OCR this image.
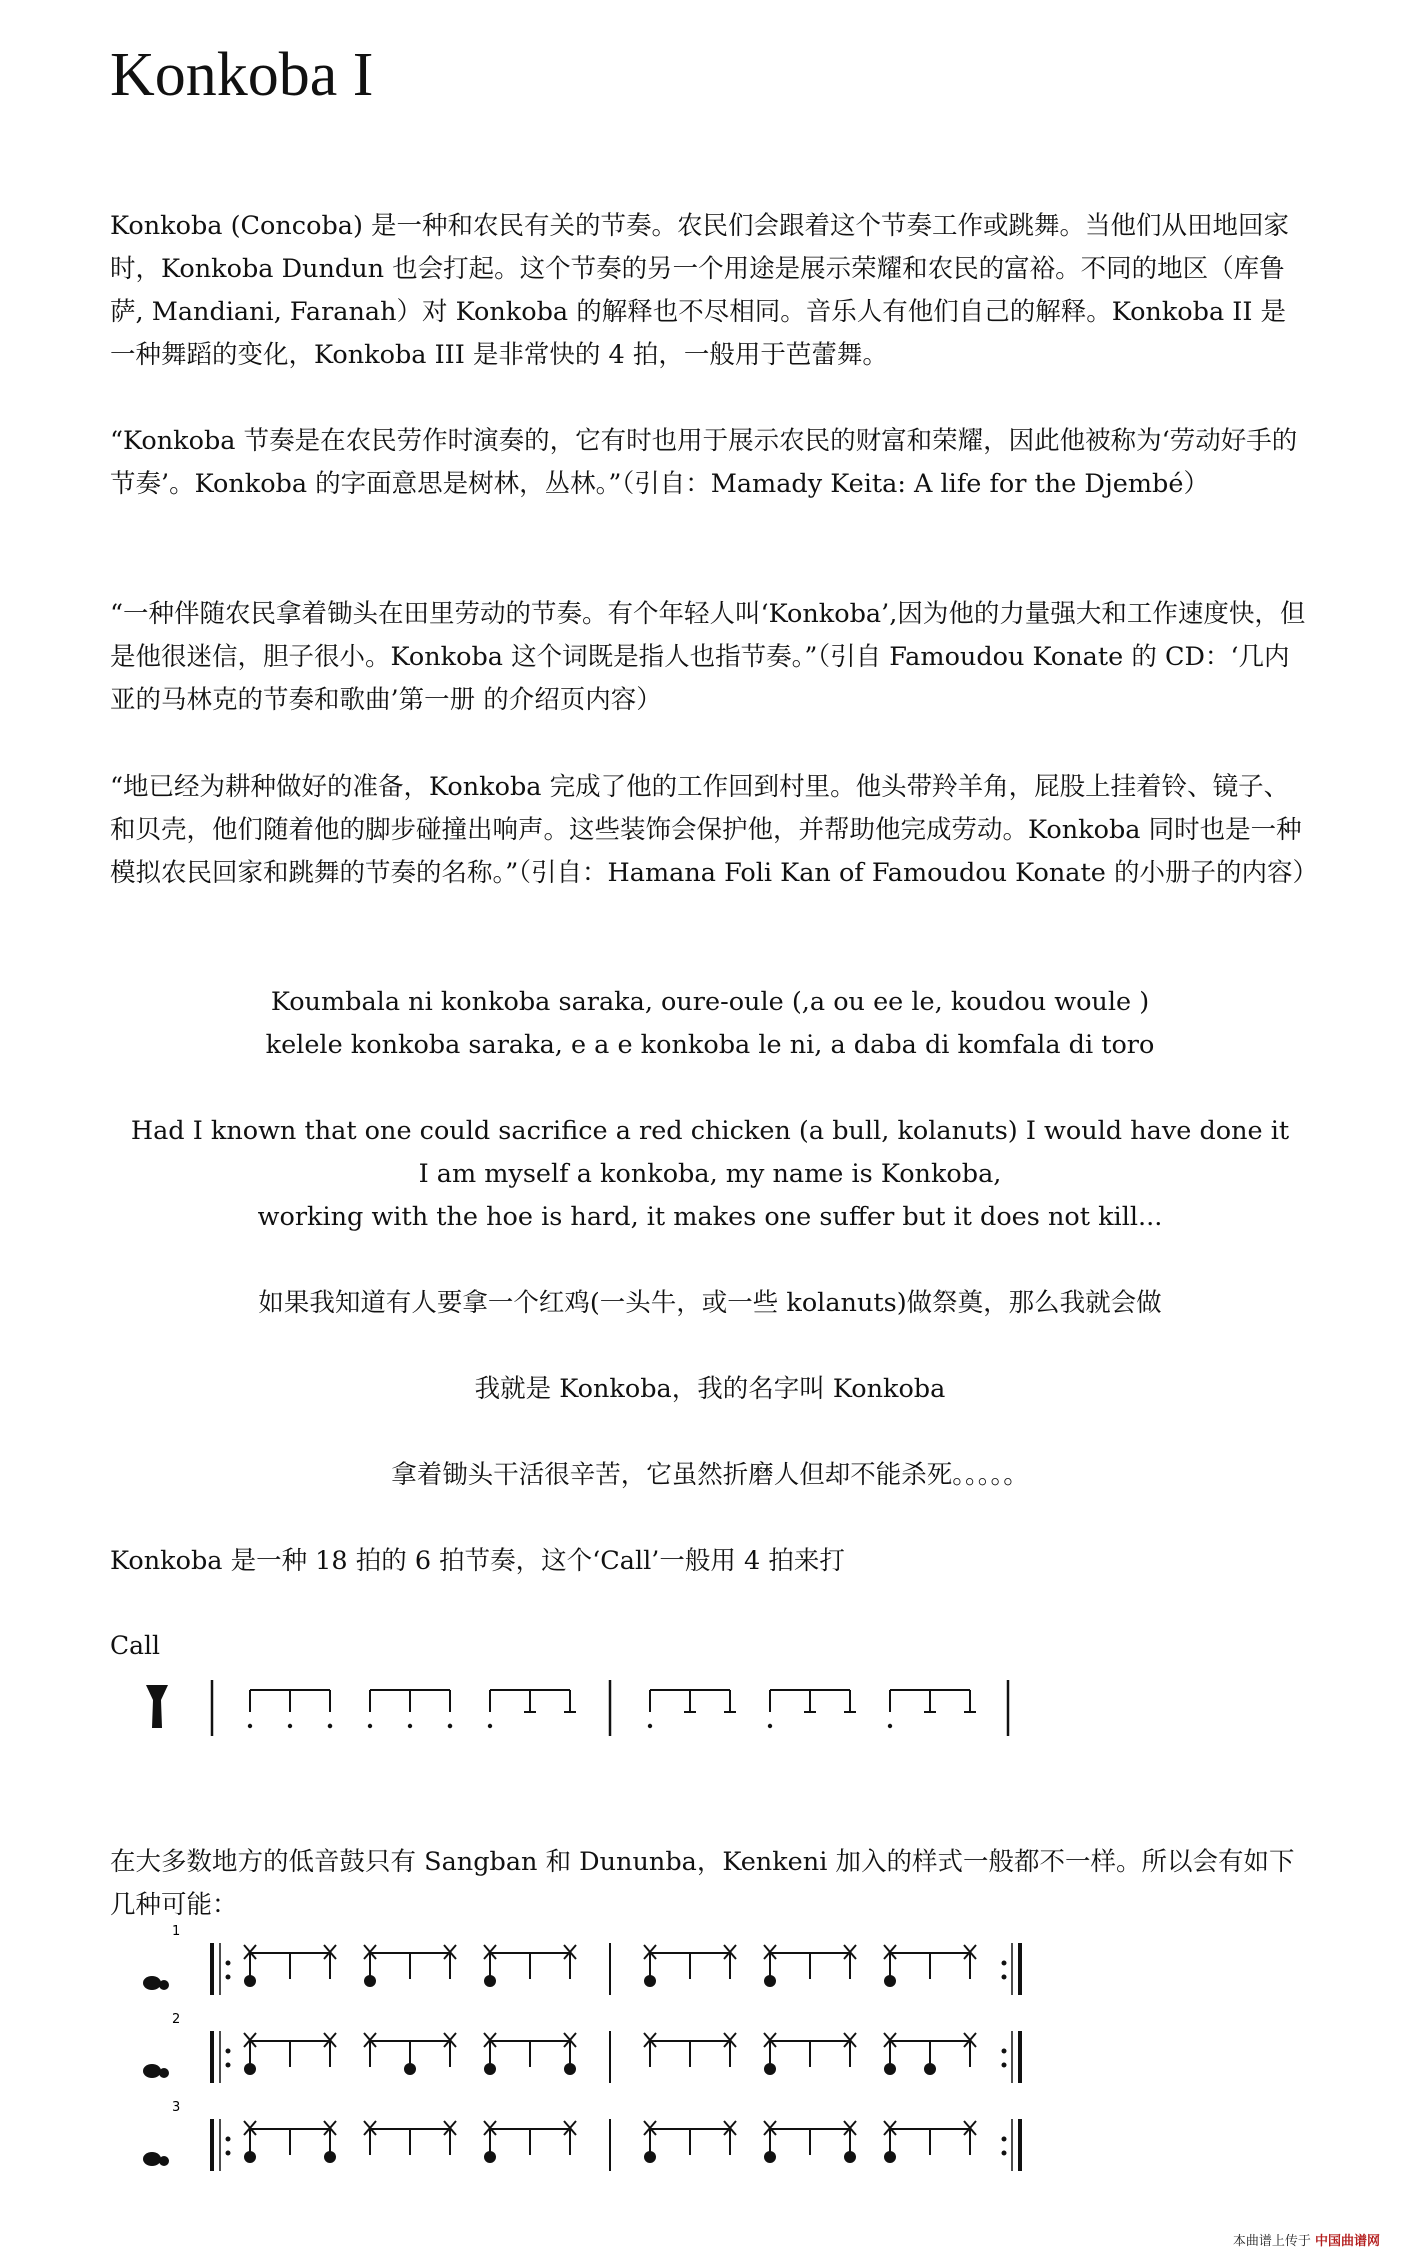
Konkoba I

Konkoba (Concoba) 是一种和农民有关的节奏。农民们会跟着这个节奏工作或跳舞。当他们从田地回家时，Konkoba Dundun 也会打起。这个节奏的另一个用途是展示荣耀和农民的富裕。不同的地区（库鲁萨, Mandiani, Faranah）对 Konkoba 的解释也不尽相同。音乐人有他们自己的解释。Konkoba II 是一种舞蹈的变化，Konkoba III 是非常快的 4 拍，一般用于芭蕾舞。

“Konkoba 节奏是在农民劳作时演奏的，它有时也用于展示农民的财富和荣耀，因此他被称为‘劳动好手的节奏’。Konkoba 的字面意思是树林，丛林。”（引自：Mamady Keita: A life for the Djembé）

“一种伴随农民拿着锄头在田里劳动的节奏。有个年轻人叫‘Konkoba’,因为他的力量强大和工作速度快，但是他很迷信，胆子很小。Konkoba 这个词既是指人也指节奏。”（引自 Famoudou Konate 的 CD：‘几内亚的马林克的节奏和歌曲’第一册 的介绍页内容）

“地已经为耕种做好的准备，Konkoba 完成了他的工作回到村里。他头带羚羊角，屁股上挂着铃、镜子、和贝壳，他们随着他的脚步碰撞出响声。这些装饰会保护他，并帮助他完成劳动。Konkoba 同时也是一种模拟农民回家和跳舞的节奏的名称。”（引自：Hamana Foli Kan of Famoudou Konate 的小册子的内容）

Koumbala ni konkoba saraka, oure-oule (,a ou ee le, koudou woule )

kelele konkoba saraka, e a e konkoba le ni, a daba di komfala di toro

Had I known that one could sacrifice a red chicken (a bull, kolanuts) I would have done it

I am myself a konkoba, my name is Konkoba,

working with the hoe is hard, it makes one suffer but it does not kill...

如果我知道有人要拿一个红鸡(一头牛，或一些 kolanuts)做祭奠，那么我就会做

我就是 Konkoba，我的名字叫 Konkoba

拿着锄头干活很辛苦，它虽然折磨人但却不能杀死。。。。。

Konkoba 是一种 18 拍的 6 拍节奏，这个‘Call’一般用 4 拍来打

Call

在大多数地方的低音鼓只有 Sangban 和 Dununba，Kenkeni 加入的样式一般都不一样。所以会有如下几种可能：

1
2
3
本曲谱上传于 中国曲谱网
